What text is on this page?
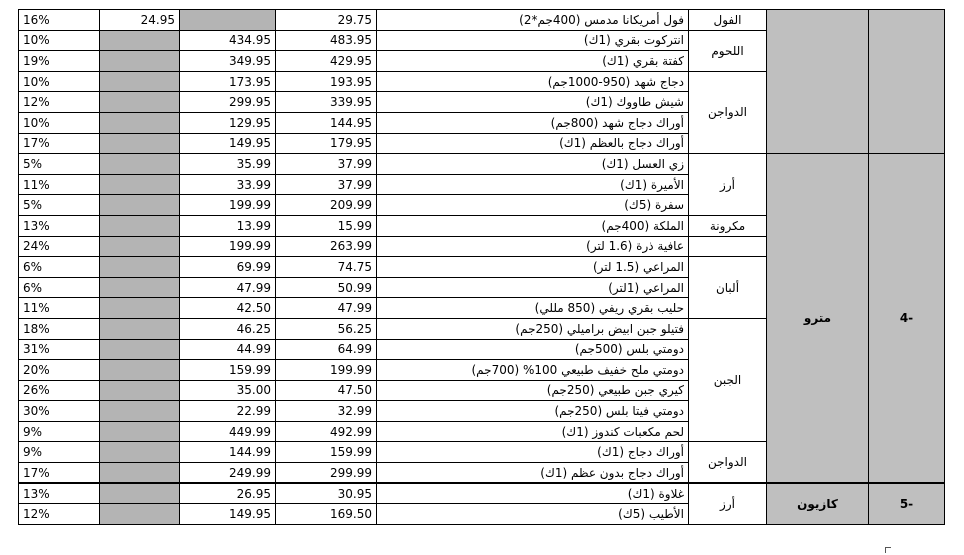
16%	24.95		29.75	فول أمريكانا مدمس (400جم*2)	الفول		
10%		434.95	483.95	انتركوت بقري (1ك)	اللحوم		
19%		349.95	429.95	كفتة بقري (1ك)			
10%		173.95	193.95	دجاج شهد (950-1000جم)	الدواجن		
12%		299.95	339.95	شيش طاووك (1ك)			
10%		129.95	144.95	أوراك دجاج شهد (800جم)			
17%		149.95	179.95	أوراك دجاج بالعظم (1ك)			
5%		35.99	37.99	زي العسل (1ك)	أرز	مترو	4-
11%		33.99	37.99	الأميرة (1ك)			
5%		199.99	209.99	سفرة (5ك)			
13%		13.99	15.99	الملكة (400جم)	مكرونة		
24%		199.99	263.99	عافية ذرة (1.6 لتر)			
6%		69.99	74.75	المراعي (1.5 لتر)	ألبان		
6%		47.99	50.99	المراعي (1لتر)			
11%		42.50	47.99	حليب بقري ريفي (850 مللي)			
18%		46.25	56.25	فتيلو جبن ابيض براميلي (250جم)	الجبن		
31%		44.99	64.99	دومتي بلس (500جم)			
20%		159.99	199.99	دومتي ملح خفيف طبيعي 100% (700جم)			
26%		35.00	47.50	كيري جبن طبيعي (250جم)			
30%		22.99	32.99	دومتي فيتا بلس (250جم)			
9%		449.99	492.99	لحم مكعبات كندوز (1ك)			
9%		144.99	159.99	أوراك دجاج (1ك)	الدواجن		
17%		249.99	299.99	أوراك دجاج بدون عظم (1ك)			
13%		26.95	30.95	غلاوة (1ك)	أرز	كازيون	5-
12%		149.95	169.50	الأطيب (5ك)			
